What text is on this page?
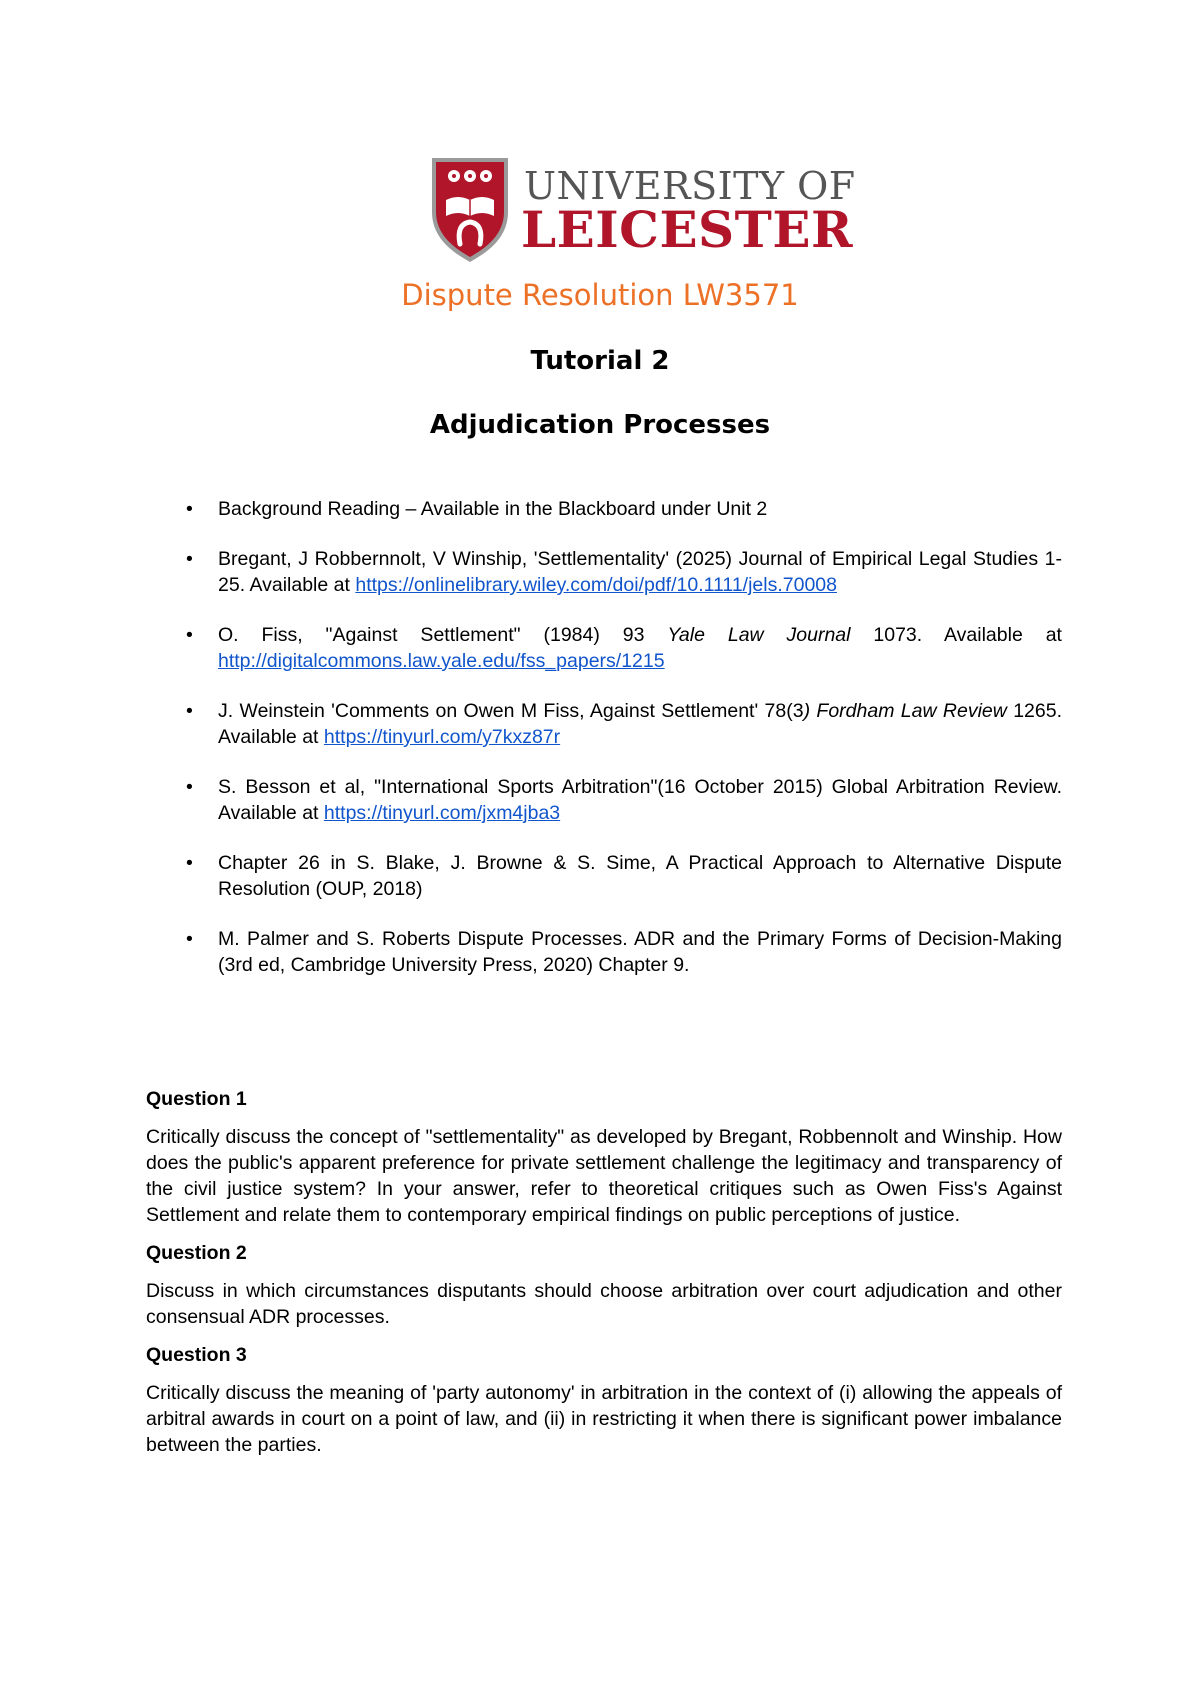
UNIVERSITY OF
LEICESTER
Dispute Resolution LW3571
Tutorial 2
Adjudication Processes
• Background Reading – Available in the Blackboard under Unit 2
• Bregant, J Robbernnolt, V Winship, 'Settlementality' (2025) Journal of Empirical Legal Studies 1-25. Available at https://onlinelibrary.wiley.com/doi/pdf/10.1111/jels.70008
• O. Fiss, "Against Settlement" (1984) 93 Yale Law Journal 1073. Available at http://digitalcommons.law.yale.edu/fss_papers/1215
• J. Weinstein 'Comments on Owen M Fiss, Against Settlement' 78(3) Fordham Law Review 1265. Available at https://tinyurl.com/y7kxz87r
• S. Besson et al, "International Sports Arbitration"(16 October 2015) Global Arbitration Review. Available at https://tinyurl.com/jxm4jba3
• Chapter 26 in S. Blake, J. Browne & S. Sime, A Practical Approach to Alternative Dispute Resolution (OUP, 2018)
• M. Palmer and S. Roberts Dispute Processes. ADR and the Primary Forms of Decision-Making (3rd ed, Cambridge University Press, 2020) Chapter 9.
Question 1
Critically discuss the concept of "settlementality" as developed by Bregant, Robbennolt and Winship. How does the public's apparent preference for private settlement challenge the legitimacy and transparency of the civil justice system? In your answer, refer to theoretical critiques such as Owen Fiss's Against Settlement and relate them to contemporary empirical findings on public perceptions of justice.
Question 2
Discuss in which circumstances disputants should choose arbitration over court adjudication and other consensual ADR processes.
Question 3
Critically discuss the meaning of 'party autonomy' in arbitration in the context of (i) allowing the appeals of arbitral awards in court on a point of law, and (ii) in restricting it when there is significant power imbalance between the parties.
